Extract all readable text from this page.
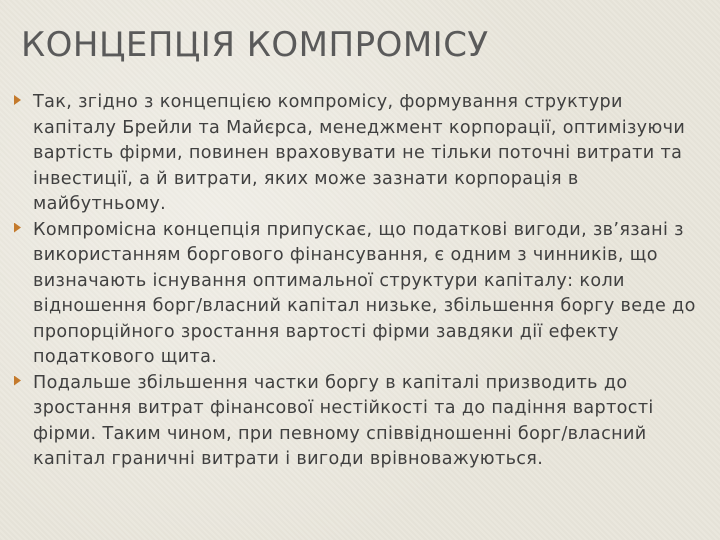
КОНЦЕПЦІЯ КОМПРОМІСУ
Так, згідно з концепцією компромісу, формування структури капіталу Брейли та Майєрса, менеджмент корпорації, оптимізуючи вартість фірми, повинен враховувати не тільки поточні витрати та інвестиції, а й витрати, яких може зазнати корпорація в майбутньому.
Компромісна концепція припускає, що податкові вигоди, зв’язані з використанням боргового фінансування, є одним з чинників, що визначають існування оптимальної структури капіталу: коли відношення борг/власний капітал низьке, збільшення боргу веде до пропорційного зростання вартості фірми завдяки дії ефекту податкового щита.
Подальше збільшення частки боргу в капіталі призводить до зростання витрат фінансової нестійкості та до падіння вартості фірми. Таким чином, при певному співвідношенні борг/власний капітал граничні витрати і вигоди врівноважуються.
